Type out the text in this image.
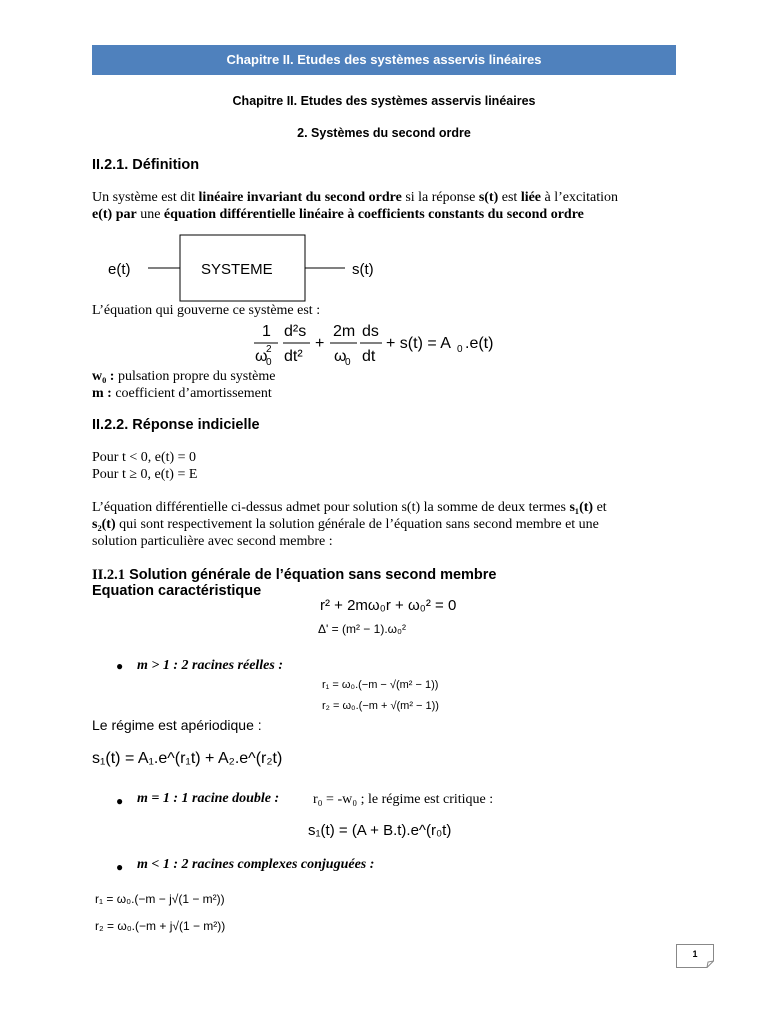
Chapitre II. Etudes des systèmes asservis linéaires
Chapitre II. Etudes des systèmes asservis linéaires
2. Systèmes du second ordre
II.2.1. Définition
Un système est dit linéaire invariant du second ordre si la réponse s(t) est liée à l’excitation
e(t) par une équation différentielle linéaire à coefficients constants du second ordre
e(t)	SYSTEME	s(t)
L’équation qui gouverne ce système est :
1
ω
0
2
d²s
dt²
+
2m
ω
0
ds
dt
+ s(t) = A 0 .e(t)
w₀ : pulsation propre du système
m : coefficient d’amortissement
II.2.2. Réponse indicielle
Pour t < 0, e(t) = 0
Pour t ≥ 0, e(t) = E
L’équation différentielle ci-dessus admet pour solution s(t) la somme de deux termes s₁(t) et
s₂(t) qui sont respectivement la solution générale de l’équation sans second membre et une
solution particulière avec second membre :
II.2.1 Solution générale de l’équation sans second membre
Equation caractéristique
r² + 2mω₀r + ω₀² = 0
Δ' = (m² − 1).ω₀²
● m > 1 : 2 racines réelles :
r₁ = ω₀.(−m − √(m² − 1))
r₂ = ω₀.(−m + √(m² − 1))
Le régime est apériodique :
s₁(t) = A₁.e^(r₁t) + A₂.e^(r₂t)
● m = 1 : 1 racine double : r₀ = -w₀ ; le régime est critique :
s₁(t) = (A + B.t).e^(r₀t)
● m < 1 : 2 racines complexes conjuguées :
r₁ = ω₀.(−m − j√(1 − m²))
r₂ = ω₀.(−m + j√(1 − m²))
1
